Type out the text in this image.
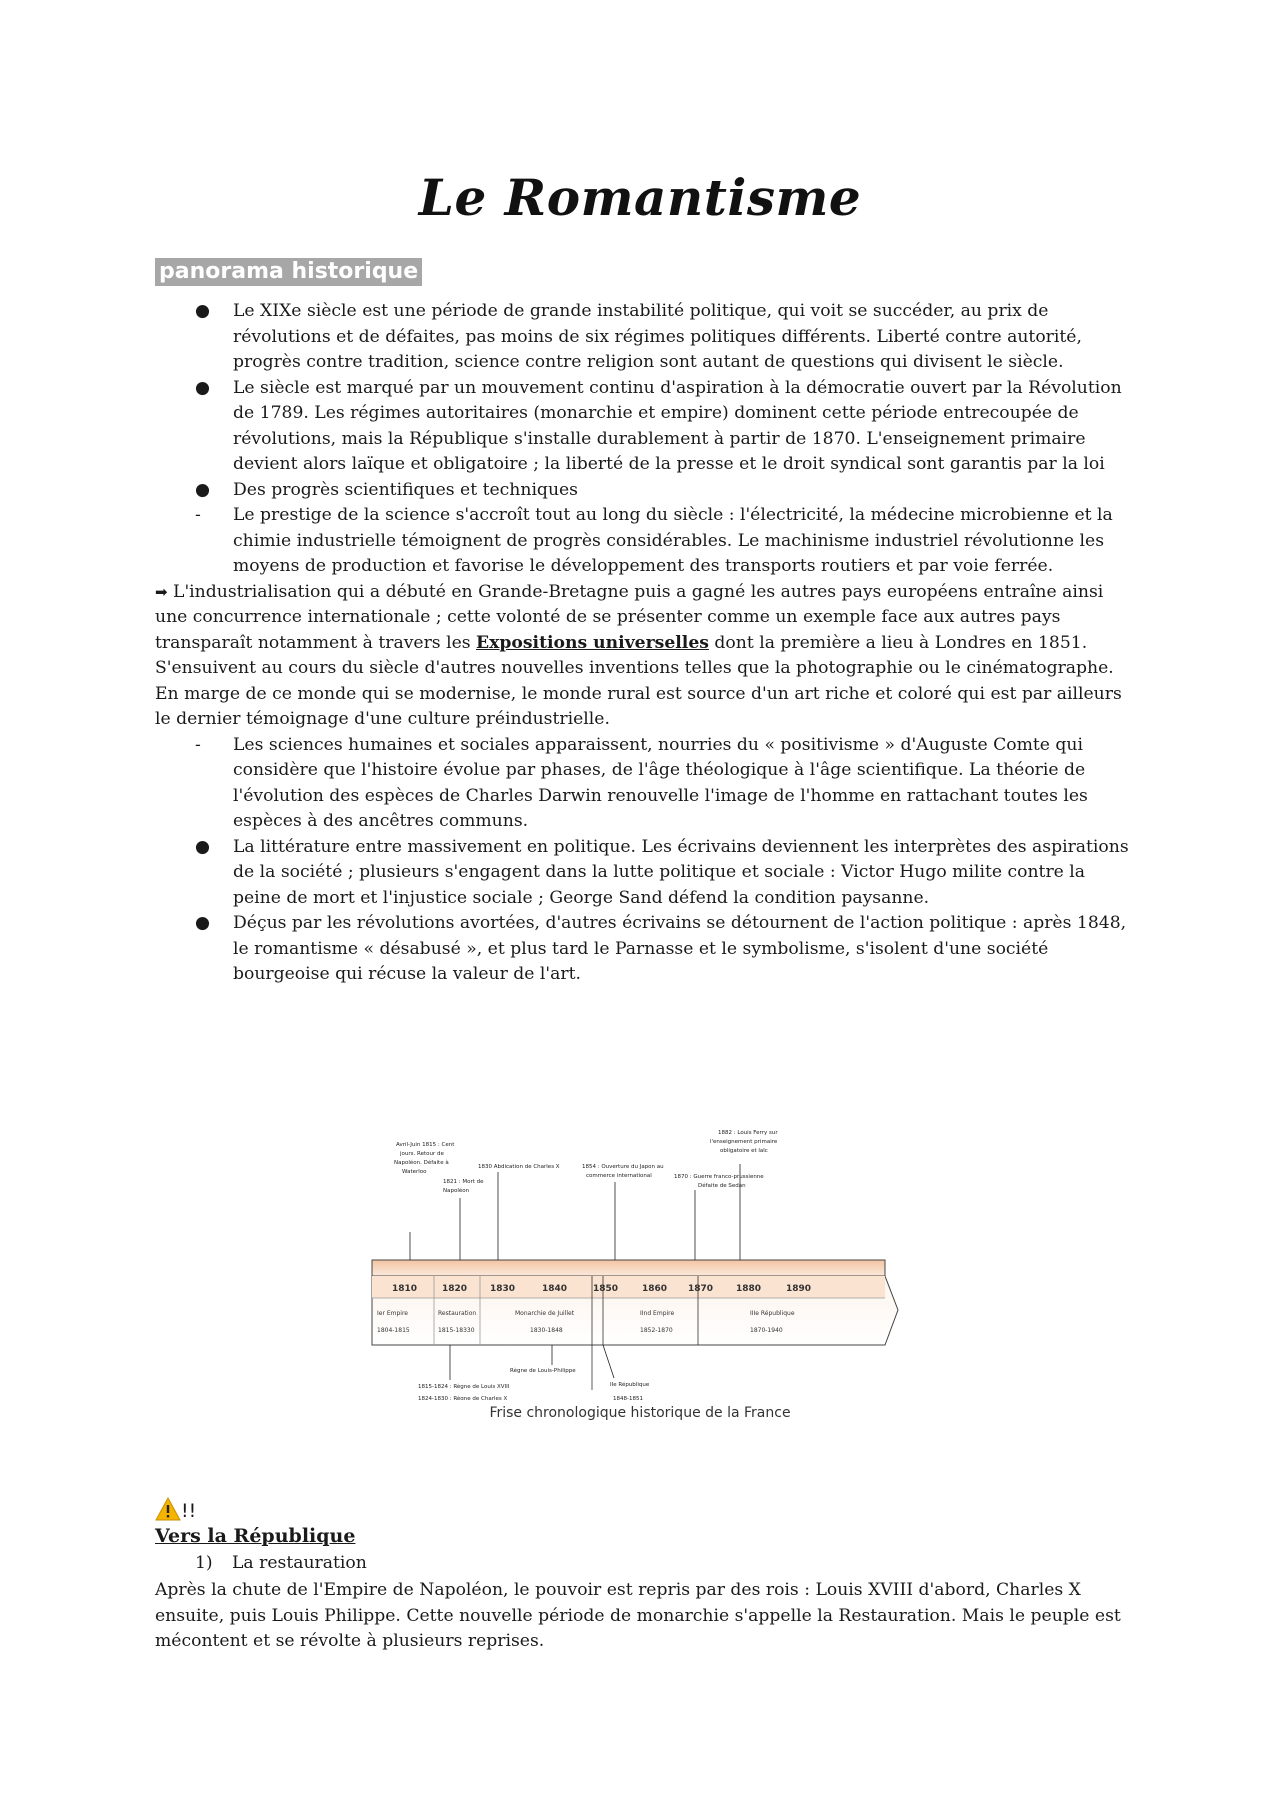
Le Romantisme
panorama historique
● Le XIXe siècle est une période de grande instabilité politique, qui voit se succéder, au prix de révolutions et de défaites, pas moins de six régimes politiques différents. Liberté contre autorité, progrès contre tradition, science contre religion sont autant de questions qui divisent le siècle.
● Le siècle est marqué par un mouvement continu d'aspiration à la démocratie ouvert par la Révolution de 1789. Les régimes autoritaires (monarchie et empire) dominent cette période entrecoupée de révolutions, mais la République s'installe durablement à partir de 1870. L'enseignement primaire devient alors laïque et obligatoire ; la liberté de la presse et le droit syndical sont garantis par la loi
● Des progrès scientifiques et techniques
-	Le prestige de la science s'accroît tout au long du siècle : l'électricité, la médecine microbienne et la chimie industrielle témoignent de progrès considérables. Le machinisme industriel révolutionne les moyens de production et favorise le développement des transports routiers et par voie ferrée.

➡ L'industrialisation qui a débuté en Grande-Bretagne puis a gagné les autres pays européens entraîne ainsi une concurrence internationale ; cette volonté de se présenter comme un exemple face aux autres pays transparaît notamment à travers les Expositions universelles dont la première a lieu à Londres en 1851. S'ensuivent au cours du siècle d'autres nouvelles inventions telles que la photographie ou le cinématographe. En marge de ce monde qui se modernise, le monde rural est source d'un art riche et coloré qui est par ailleurs le dernier témoignage d'une culture préindustrielle.

-	Les sciences humaines et sociales apparaissent, nourries du « positivisme » d'Auguste Comte qui considère que l'histoire évolue par phases, de l'âge théologique à l'âge scientifique. La théorie de l'évolution des espèces de Charles Darwin renouvelle l'image de l'homme en rattachant toutes les espèces à des ancêtres communs.
● La littérature entre massivement en politique. Les écrivains deviennent les interprètes des aspirations de la société ; plusieurs s'engagent dans la lutte politique et sociale : Victor Hugo milite contre la peine de mort et l'injustice sociale ; George Sand défend la condition paysanne.
● Déçus par les révolutions avortées, d'autres écrivains se détournent de l'action politique : après 1848, le romantisme « désabusé », et plus tard le Parnasse et le symbolisme, s'isolent d'une société bourgeoise qui récuse la valeur de l'art.
1810	1820	1830	1840	1850	1860 1870	1880	1890
Ier Empire
1804-1815
Restauration
1815-18330
Monarchie de Juillet
1830-1848
IInd Empire
1852-1870
IIIe République
1870-1940
Avril-Juin 1815 : Cent
jours. Retour de
Napoléon. Défaite à
Waterloo
1821 : Mort de
Napoléon
1830 Abdication de Charles X	1854 : Ouverture du Japon au
commerce international
1882 : Louis Ferry sur
l'enseignement primaire
obligatoire et laïc
1870 : Guerre franco-prussienne
Défaite de Sedan
Règne de Louis-Philippe
IIe République
1848-1851
1815-1824 : Règne de Louis XVIII
1824-1830 : Règne de Charles X
Frise chronologique historique de la France
!!
Vers la République
1) La restauration

Après la chute de l'Empire de Napoléon, le pouvoir est repris par des rois : Louis XVIII d'abord, Charles X ensuite, puis Louis Philippe. Cette nouvelle période de monarchie s'appelle la Restauration. Mais le peuple est mécontent et se révolte à plusieurs reprises.
